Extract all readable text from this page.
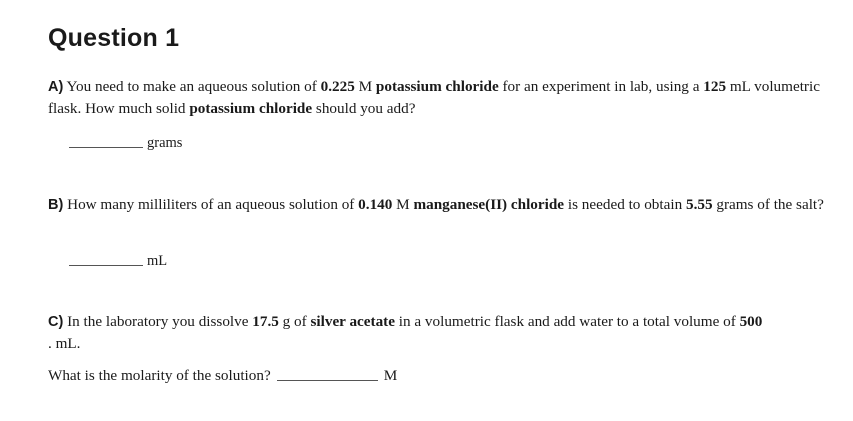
Question 1
A) You need to make an aqueous solution of 0.225 M potassium chloride for an experiment in lab, using a 125 mL volumetric flask. How much solid potassium chloride should you add?
grams
B) How many milliliters of an aqueous solution of 0.140 M manganese(II) chloride is needed to obtain 5.55 grams of the salt?
mL
C) In the laboratory you dissolve 17.5 g of silver acetate in a volumetric flask and add water to a total volume of 500 . mL.
What is the molarity of the solution?	M
